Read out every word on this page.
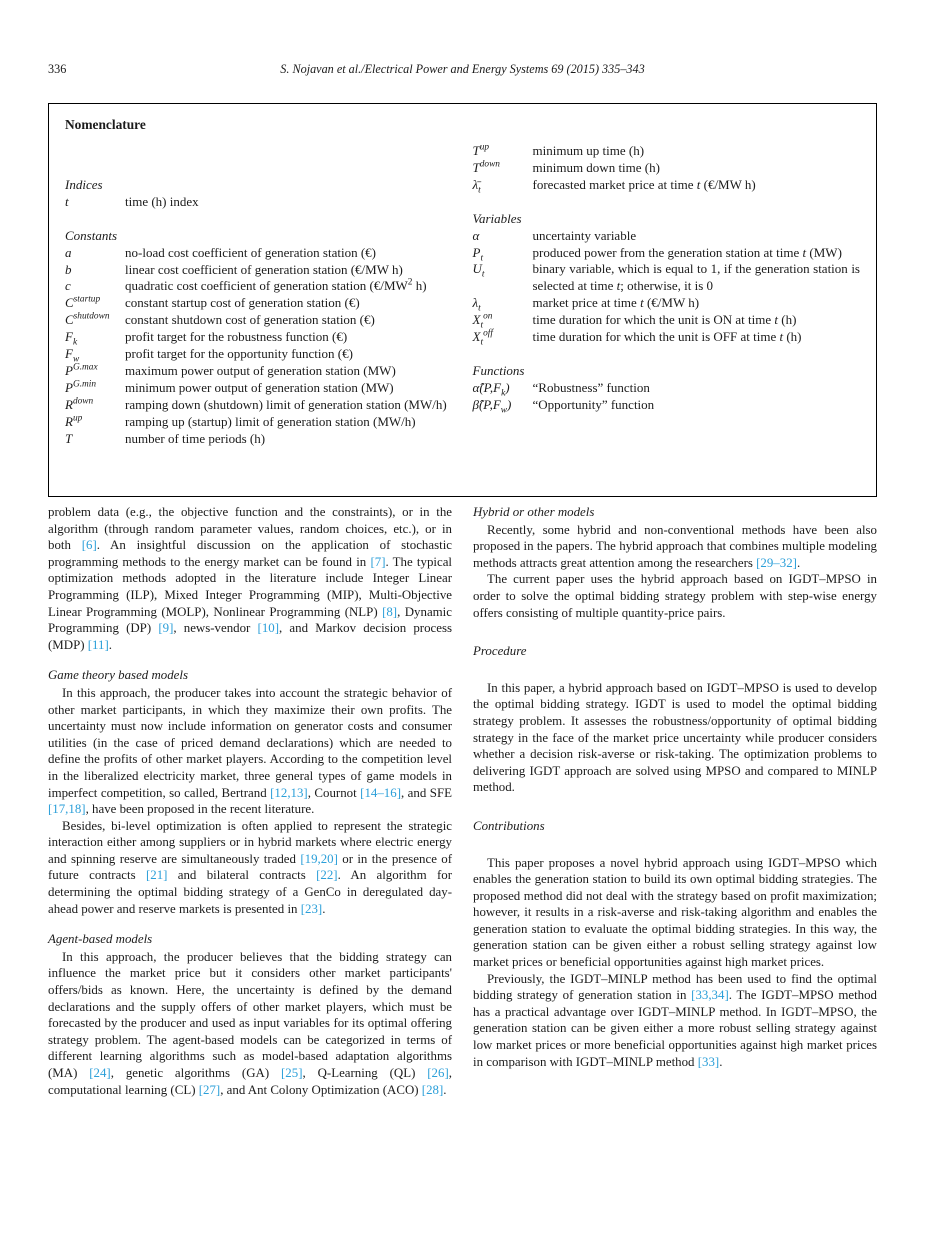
336	S. Nojavan et al./Electrical Power and Energy Systems 69 (2015) 335–343
Nomenclature
Indices
t	time (h) index
Constants
a	no-load cost coefficient of generation station (€)
b	linear cost coefficient of generation station (€/MW h)
c	quadratic cost coefficient of generation station ($€/MW^2$ h)
$C^{startup}$	constant startup cost of generation station (€)
$C^{shutdown}$	constant shutdown cost of generation station (€)
$F_k$	profit target for the robustness function (€)
$F_w$	profit target for the opportunity function (€)
$P^{G.max}$	maximum power output of generation station (MW)
$P^{G.min}$	minimum power output of generation station (MW)
$R^{down}$	ramping down (shutdown) limit of generation station (MW/h)
$R^{up}$	ramping up (startup) limit of generation station (MW/h)
T	number of time periods (h)
$T^{up}$	minimum up time (h)
$T^{down}$	minimum down time (h)
$\lambdā_t$	forecasted market price at time t (€/MW h)
Variables
α	uncertainty variable
$P_t$	produced power from the generation station at time t (MW)
$U_t$	binary variable, which is equal to 1, if the generation station is selected at time t; otherwise, it is 0
$\lambda_t$	market price at time t (€/MW h)
$X_t^{on}$	time duration for which the unit is ON at time t (h)
$X_t^{off}$	time duration for which the unit is OFF at time t (h)
Functions
$\alphâ(P,F_k)$	“Robustness” function
$\betâ(P,F_w)$	“Opportunity” function

problem data (e.g., the objective function and the constraints), or in the algorithm (through random parameter values, random choices, etc.), or in both [6]. An insightful discussion on the application of stochastic programming methods to the energy market can be found in [7]. The typical optimization methods adopted in the literature include Integer Linear Programming (ILP), Mixed Integer Programming (MIP), Multi-Objective Linear Programming (MOLP), Nonlinear Programming (NLP) [8], Dynamic Programming (DP) [9], news-vendor [10], and Markov decision process (MDP) [11].

Game theory based models

In this approach, the producer takes into account the strategic behavior of other market participants, in which they maximize their own profits. The uncertainty must now include information on generator costs and consumer utilities (in the case of priced demand declarations) which are needed to define the profits of other market players. According to the competition level in the liberalized electricity market, three general types of game models in imperfect competition, so called, Bertrand [12,13], Cournot [14–16], and SFE [17,18], have been proposed in the recent literature.

Besides, bi-level optimization is often applied to represent the strategic interaction either among suppliers or in hybrid markets where electric energy and spinning reserve are simultaneously traded [19,20] or in the presence of future contracts [21] and bilateral contracts [22]. An algorithm for determining the optimal bidding strategy of a GenCo in deregulated day-ahead power and reserve markets is presented in [23].

Agent-based models

In this approach, the producer believes that the bidding strategy can influence the market price but it considers other market participants' offers/bids as known. Here, the uncertainty is defined by the demand declarations and the supply offers of other market players, which must be forecasted by the producer and used as input variables for its optimal offering strategy problem. The agent-based models can be categorized in terms of different learning algorithms such as model-based adaptation algorithms (MA) [24], genetic algorithms (GA) [25], Q-Learning (QL) [26], computational learning (CL) [27], and Ant Colony Optimization (ACO) [28].

Hybrid or other models

Recently, some hybrid and non-conventional methods have been also proposed in the papers. The hybrid approach that combines multiple modeling methods attracts great attention among the researchers [29–32].

The current paper uses the hybrid approach based on IGDT–MPSO in order to solve the optimal bidding strategy problem with step-wise energy offers consisting of multiple quantity-price pairs.

Procedure

In this paper, a hybrid approach based on IGDT–MPSO is used to develop the optimal bidding strategy. IGDT is used to model the optimal bidding strategy problem. It assesses the robustness/opportunity of optimal bidding strategy in the face of the market price uncertainty while producer considers whether a decision risk-averse or risk-taking. The optimization problems to delivering IGDT approach are solved using MPSO and compared to MINLP method.

Contributions

This paper proposes a novel hybrid approach using IGDT–MPSO which enables the generation station to build its own optimal bidding strategies. The proposed method did not deal with the strategy based on profit maximization; however, it results in a risk-averse and risk-taking algorithm and enables the generation station to evaluate the optimal bidding strategies. In this way, the generation station can be given either a robust selling strategy against low market prices or beneficial opportunities against high market prices.

Previously, the IGDT–MINLP method has been used to find the optimal bidding strategy of generation station in [33,34]. The IGDT–MPSO method has a practical advantage over IGDT–MINLP method. In IGDT–MPSO, the generation station can be given either a more robust selling strategy against low market prices or more beneficial opportunities against high market prices in comparison with IGDT–MINLP method [33].
